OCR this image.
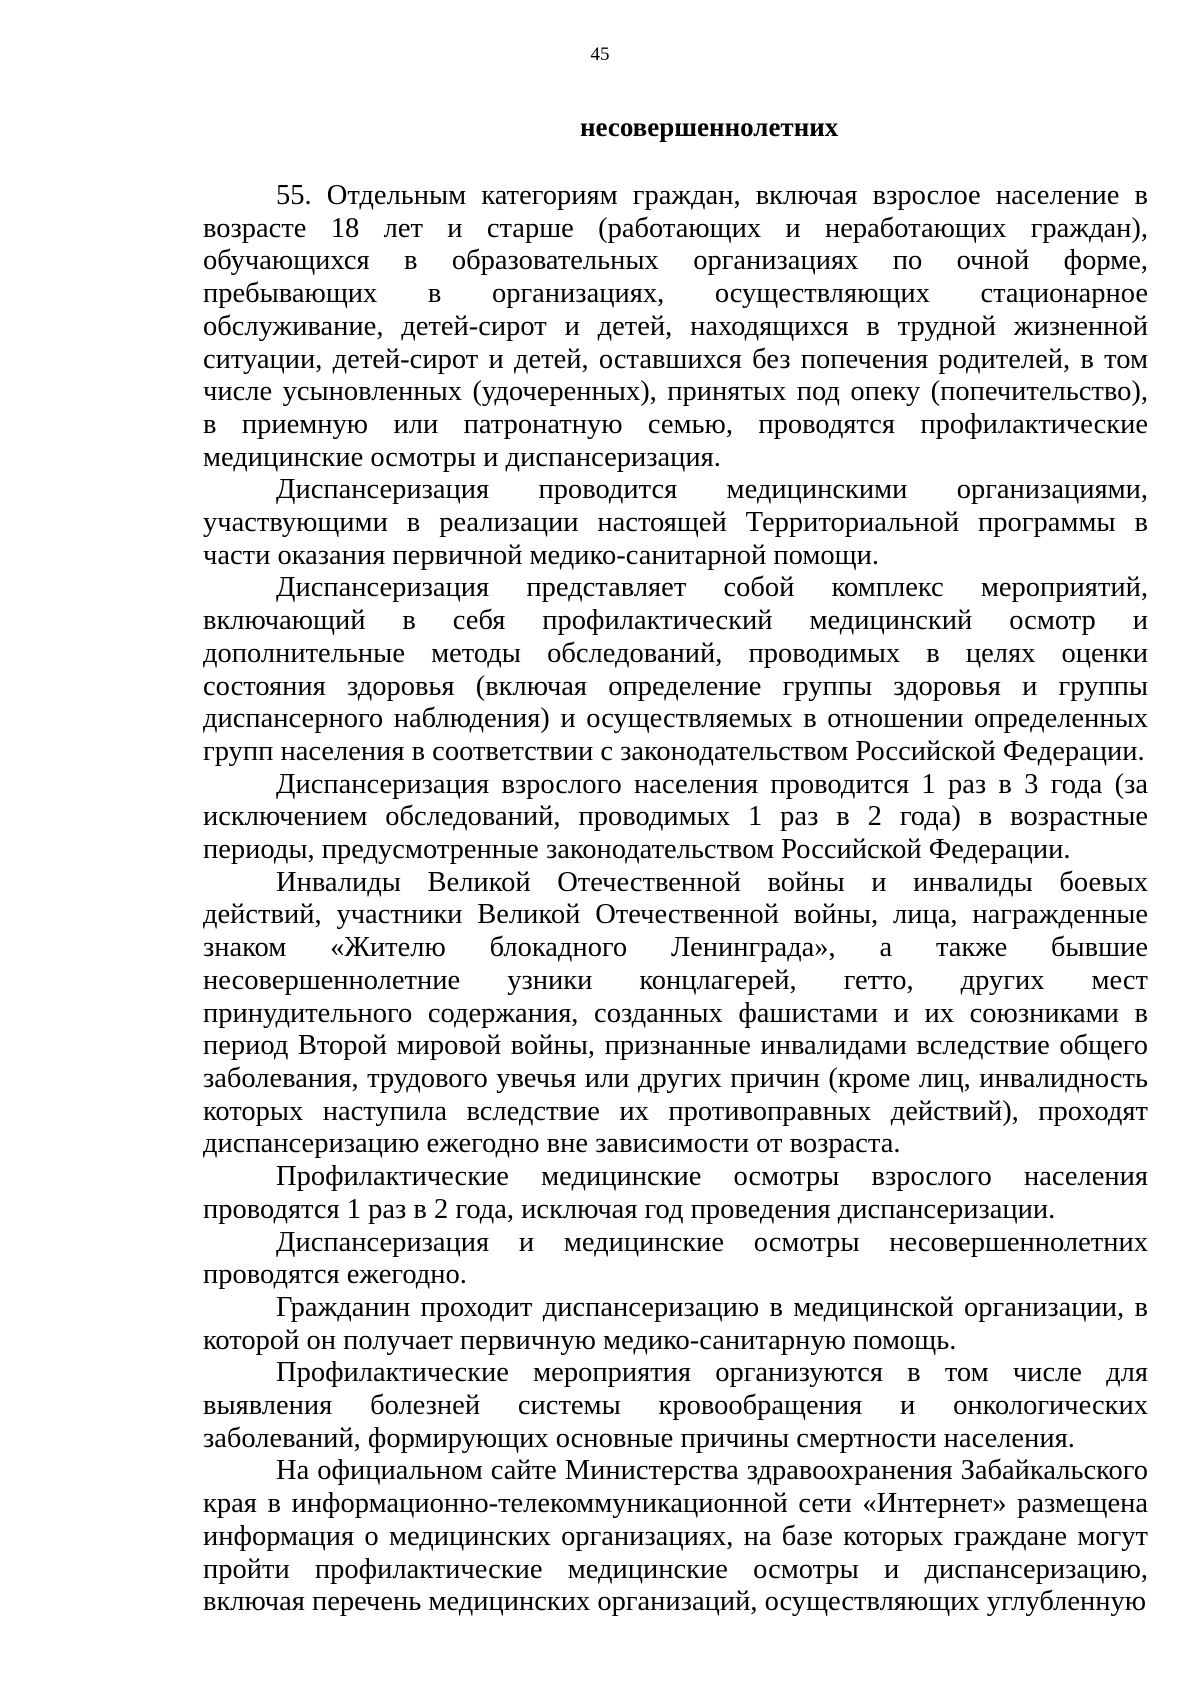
45
несовершеннолетних

55. Отдельным категориям граждан, включая взрослое население в возрасте 18 лет и старше (работающих и неработающих граждан), обучающихся в образовательных организациях по очной форме, пребывающих в организациях, осуществляющих стационарное обслуживание, детей-сирот и детей, находящихся в трудной жизненной ситуации, детей-сирот и детей, оставшихся без попечения родителей, в том числе усыновленных (удочеренных), принятых под опеку (попечительство), в приемную или патронатную семью, проводятся профилактические медицинские осмотры и диспансеризация.

Диспансеризация проводится медицинскими организациями, участвующими в реализации настоящей Территориальной программы в части оказания первичной медико-санитарной помощи.

Диспансеризация представляет собой комплекс мероприятий, включающий в себя профилактический медицинский осмотр и дополнительные методы обследований, проводимых в целях оценки состояния здоровья (включая определение группы здоровья и группы диспансерного наблюдения) и осуществляемых в отношении определенных групп населения в соответствии с законодательством Российской Федерации.

Диспансеризация взрослого населения проводится 1 раз в 3 года (за исключением обследований, проводимых 1 раз в 2 года) в возрастные периоды, предусмотренные законодательством Российской Федерации.

Инвалиды Великой Отечественной войны и инвалиды боевых действий, участники Великой Отечественной войны, лица, награжденные знаком «Жителю блокадного Ленинграда», а также бывшие несовершеннолетние узники концлагерей, гетто, других мест принудительного содержания, созданных фашистами и их союзниками в период Второй мировой войны, признанные инвалидами вследствие общего заболевания, трудового увечья или других причин (кроме лиц, инвалидность которых наступила вследствие их противоправных действий), проходят диспансеризацию ежегодно вне зависимости от возраста.

Профилактические медицинские осмотры взрослого населения проводятся 1 раз в 2 года, исключая год проведения диспансеризации.

Диспансеризация и медицинские осмотры несовершеннолетних проводятся ежегодно.

Гражданин проходит диспансеризацию в медицинской организации, в которой он получает первичную медико-санитарную помощь.

Профилактические мероприятия организуются в том числе для выявления болезней системы кровообращения и онкологических заболеваний, формирующих основные причины смертности населения.

На официальном сайте Министерства здравоохранения Забайкальского края в информационно-телекоммуникационной сети «Интернет» размещена информация о медицинских организациях, на базе которых граждане могут пройти профилактические медицинские осмотры и диспансеризацию, включая перечень медицинских организаций, осуществляющих углубленную
